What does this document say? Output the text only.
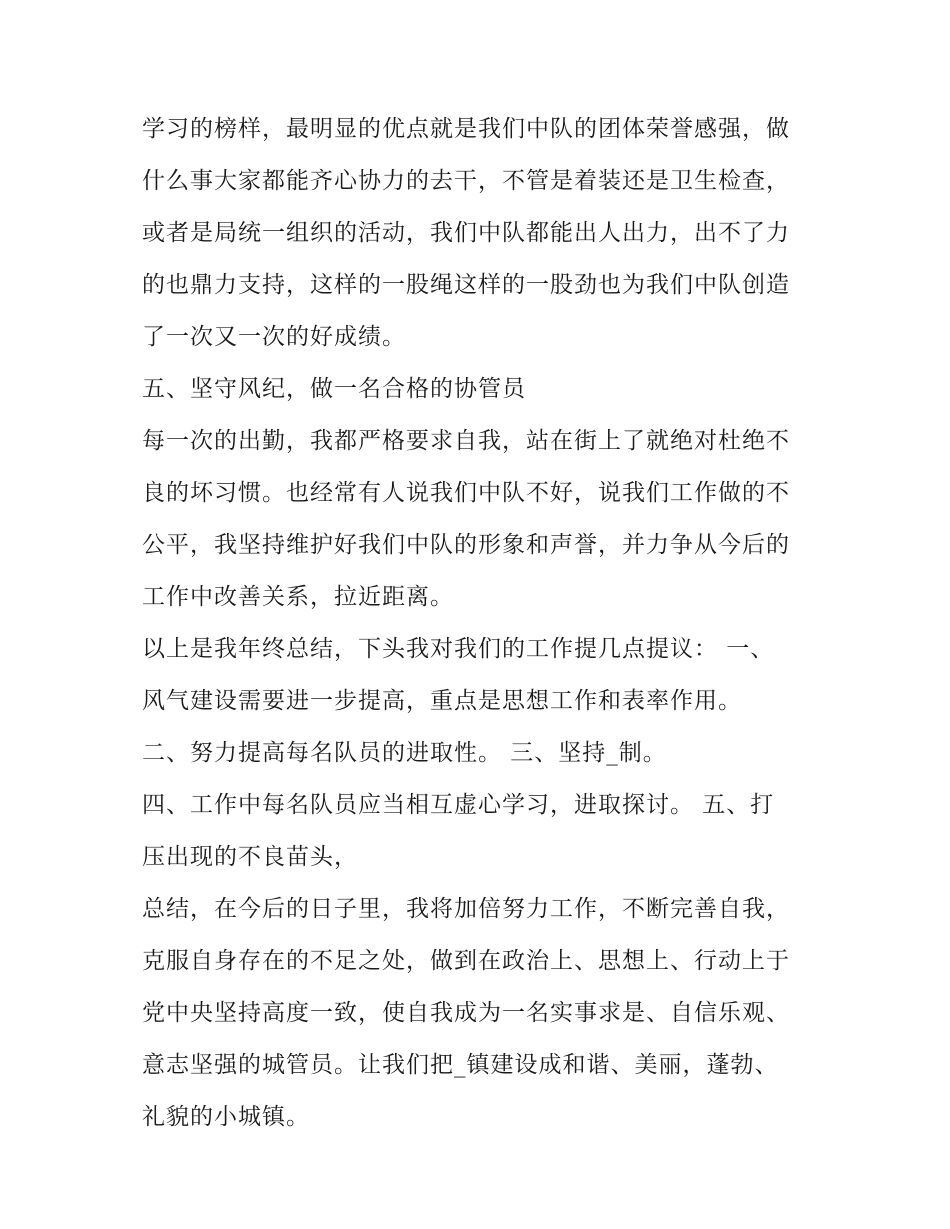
学习的榜样，最明显的优点就是我们中队的团体荣誉感强，做
什么事大家都能齐心协力的去干，不管是着装还是卫生检查，
或者是局统一组织的活动，我们中队都能出人出力，出不了力
的也鼎力支持，这样的一股绳这样的一股劲也为我们中队创造
了一次又一次的好成绩。
五、坚守风纪，做一名合格的协管员
每一次的出勤，我都严格要求自我，站在街上了就绝对杜绝不
良的坏习惯。也经常有人说我们中队不好，说我们工作做的不
公平，我坚持维护好我们中队的形象和声誉，并力争从今后的
工作中改善关系，拉近距离。
以上是我年终总结，下头我对我们的工作提几点提议： 一、
风气建设需要进一步提高，重点是思想工作和表率作用。
二、努力提高每名队员的进取性。 三、坚持_制。
四、工作中每名队员应当相互虚心学习，进取探讨。 五、打
压出现的不良苗头，
总结，在今后的日子里，我将加倍努力工作，不断完善自我，
克服自身存在的不足之处，做到在政治上、思想上、行动上于
党中央坚持高度一致，使自我成为一名实事求是、自信乐观、
意志坚强的城管员。让我们把_镇建设成和谐、美丽，蓬勃、
礼貌的小城镇。
